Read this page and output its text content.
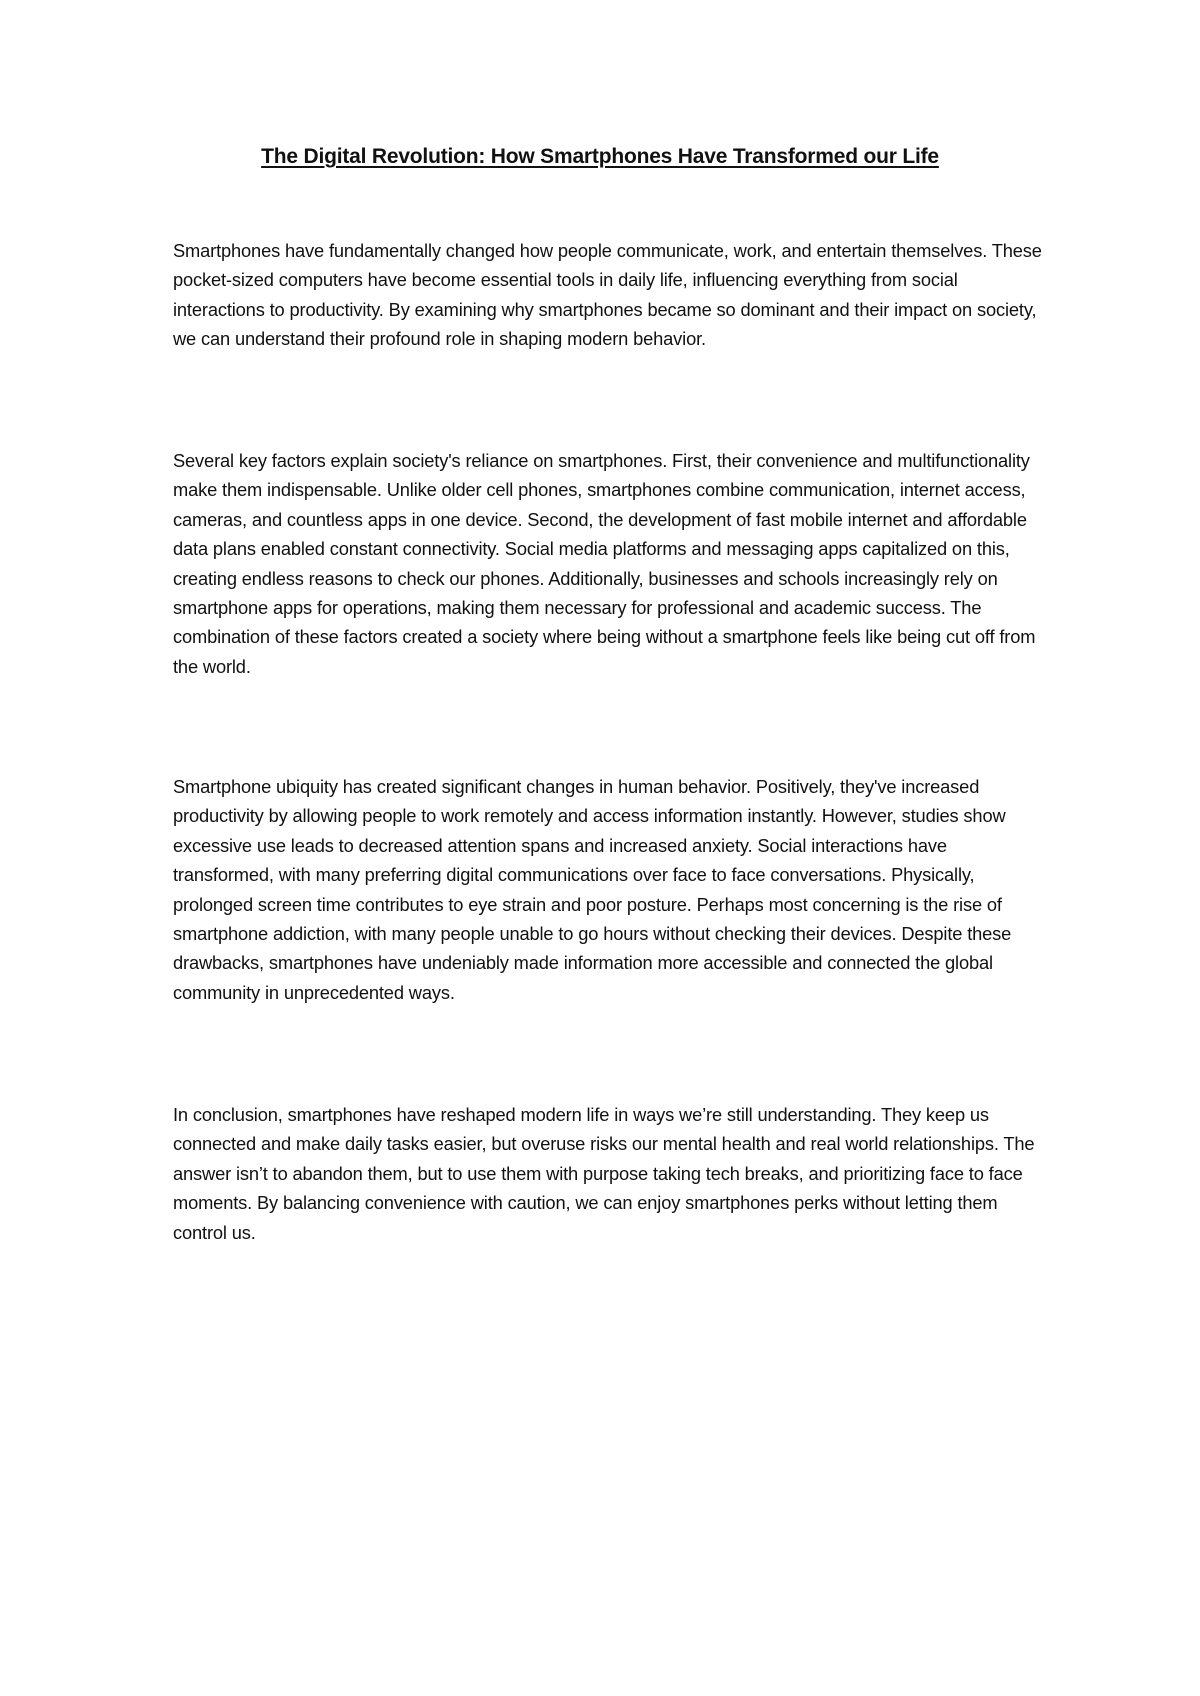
The Digital Revolution: How Smartphones Have Transformed our Life

Smartphones have fundamentally changed how people communicate, work, and entertain themselves. These pocket-sized computers have become essential tools in daily life, influencing everything from social interactions to productivity. By examining why smartphones became so dominant and their impact on society, we can understand their profound role in shaping modern behavior.

Several key factors explain society's reliance on smartphones. First, their convenience and multifunctionality make them indispensable. Unlike older cell phones, smartphones combine communication, internet access, cameras, and countless apps in one device. Second, the development of fast mobile internet and affordable data plans enabled constant connectivity. Social media platforms and messaging apps capitalized on this, creating endless reasons to check our phones. Additionally, businesses and schools increasingly rely on smartphone apps for operations, making them necessary for professional and academic success. The combination of these factors created a society where being without a smartphone feels like being cut off from the world.

Smartphone ubiquity has created significant changes in human behavior. Positively, they've increased productivity by allowing people to work remotely and access information instantly. However, studies show excessive use leads to decreased attention spans and increased anxiety. Social interactions have transformed, with many preferring digital communications over face to face conversations. Physically, prolonged screen time contributes to eye strain and poor posture. Perhaps most concerning is the rise of smartphone addiction, with many people unable to go hours without checking their devices. Despite these drawbacks, smartphones have undeniably made information more accessible and connected the global community in unprecedented ways.

In conclusion, smartphones have reshaped modern life in ways we’re still understanding. They keep us connected and make daily tasks easier, but overuse risks our mental health and real world relationships. The answer isn’t to abandon them, but to use them with purpose taking tech breaks, and prioritizing face to face moments. By balancing convenience with caution, we can enjoy smartphones perks without letting them control us.
